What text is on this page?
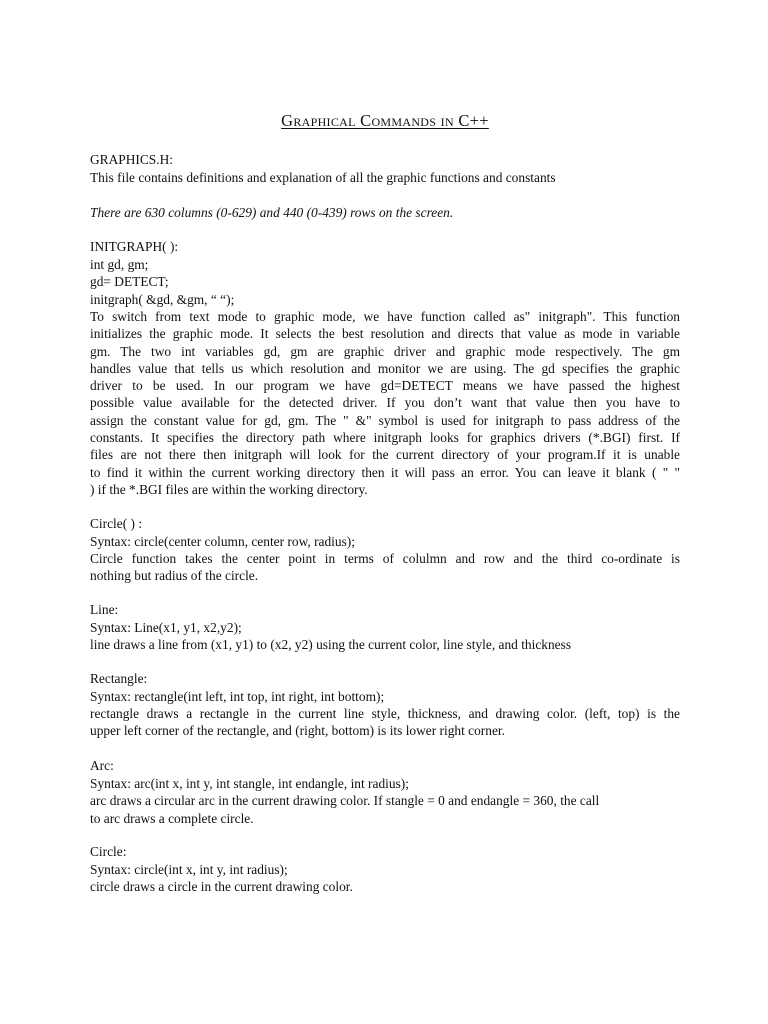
Graphical Commands in C++
GRAPHICS.H:
This file contains definitions and explanation of all the graphic functions and constants
There are 630 columns (0-629) and 440 (0-439) rows on the screen.
INITGRAPH( ):
int gd, gm;
gd= DETECT;
initgraph( &gd, &gm, “ “);
To switch from text mode to graphic mode, we have function called as" initgraph". This function
initializes the graphic mode. It selects the best resolution and directs that value as mode in variable
gm. The two int variables gd, gm are graphic driver and graphic mode respectively. The gm
handles value that tells us which resolution and monitor we are using. The gd specifies the graphic
driver to be used. In our program we have gd=DETECT means we have passed the highest
possible value available for the detected driver. If you don’t want that value then you have to
assign the constant value for gd, gm. The " &" symbol is used for initgraph to pass address of the
constants. It specifies the directory path where initgraph looks for graphics drivers (*.BGI) first. If
files are not there then initgraph will look for the current directory of your program.If it is unable
to find it within the current working directory then it will pass an error. You can leave it blank ( " "
) if the *.BGI files are within the working directory.
Circle( ) :
Syntax: circle(center column, center row, radius);
Circle function takes the center point in terms of colulmn and row and the third co-ordinate is
nothing but radius of the circle.
Line:
Syntax: Line(x1, y1, x2,y2);
line draws a line from (x1, y1) to (x2, y2) using the current color, line style, and thickness
Rectangle:
Syntax: rectangle(int left, int top, int right, int bottom);
rectangle draws a rectangle in the current line style, thickness, and drawing color. (left, top) is the
upper left corner of the rectangle, and (right, bottom) is its lower right corner.
Arc:
Syntax: arc(int x, int y, int stangle, int endangle, int radius);
arc draws a circular arc in the current drawing color. If stangle = 0 and endangle = 360, the call
to arc draws a complete circle.
Circle:
Syntax: circle(int x, int y, int radius);
circle draws a circle in the current drawing color.
